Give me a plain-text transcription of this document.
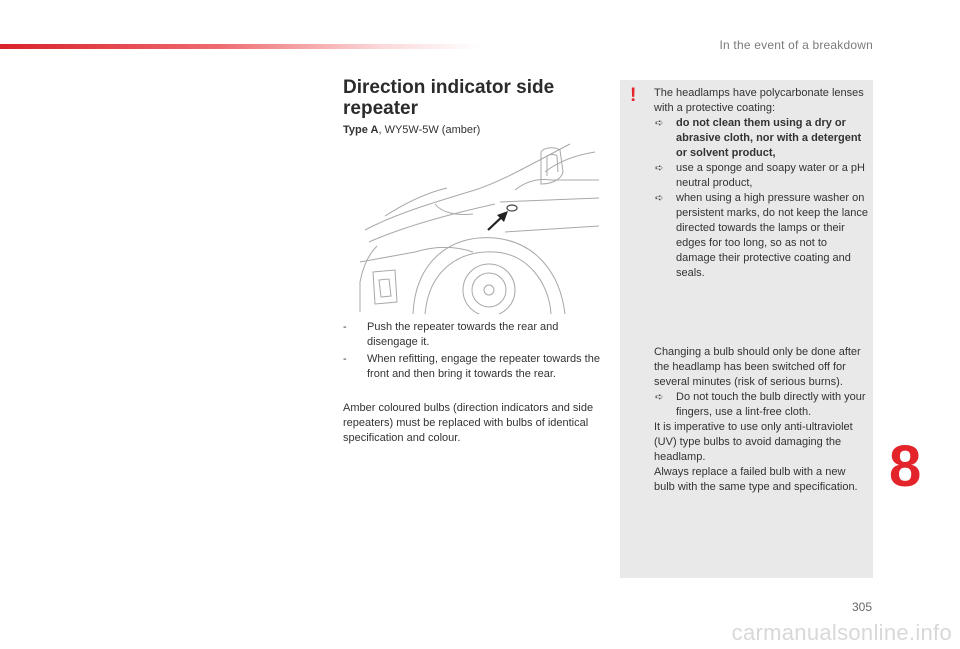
In the event of a breakdown
Direction indicator side
repeater
Type A, WY5W-5W (amber)
- Push the repeater towards the rear and disengage it.
- When refitting, engage the repeater towards the front and then bring it towards the rear.

Amber coloured bulbs (direction indicators and side repeaters) must be replaced with bulbs of identical specification and colour.

!	The headlamps have polycarbonate lenses with a protective coating:

➪ do not clean them using a dry or abrasive cloth, nor with a detergent or solvent product,
➪ use a sponge and soapy water or a pH neutral product,
➪ when using a high pressure washer on persistent marks, do not keep the lance directed towards the lamps or their edges for too long, so as not to damage their protective coating and seals.

Changing a bulb should only be done after the headlamp has been switched off for several minutes (risk of serious burns).

➪ Do not touch the bulb directly with your fingers, use a lint-free cloth.

It is imperative to use only anti-ultraviolet (UV) type bulbs to avoid damaging the headlamp.

Always replace a failed bulb with a new bulb with the same type and specification. 8
305
carmanualsonline.info
